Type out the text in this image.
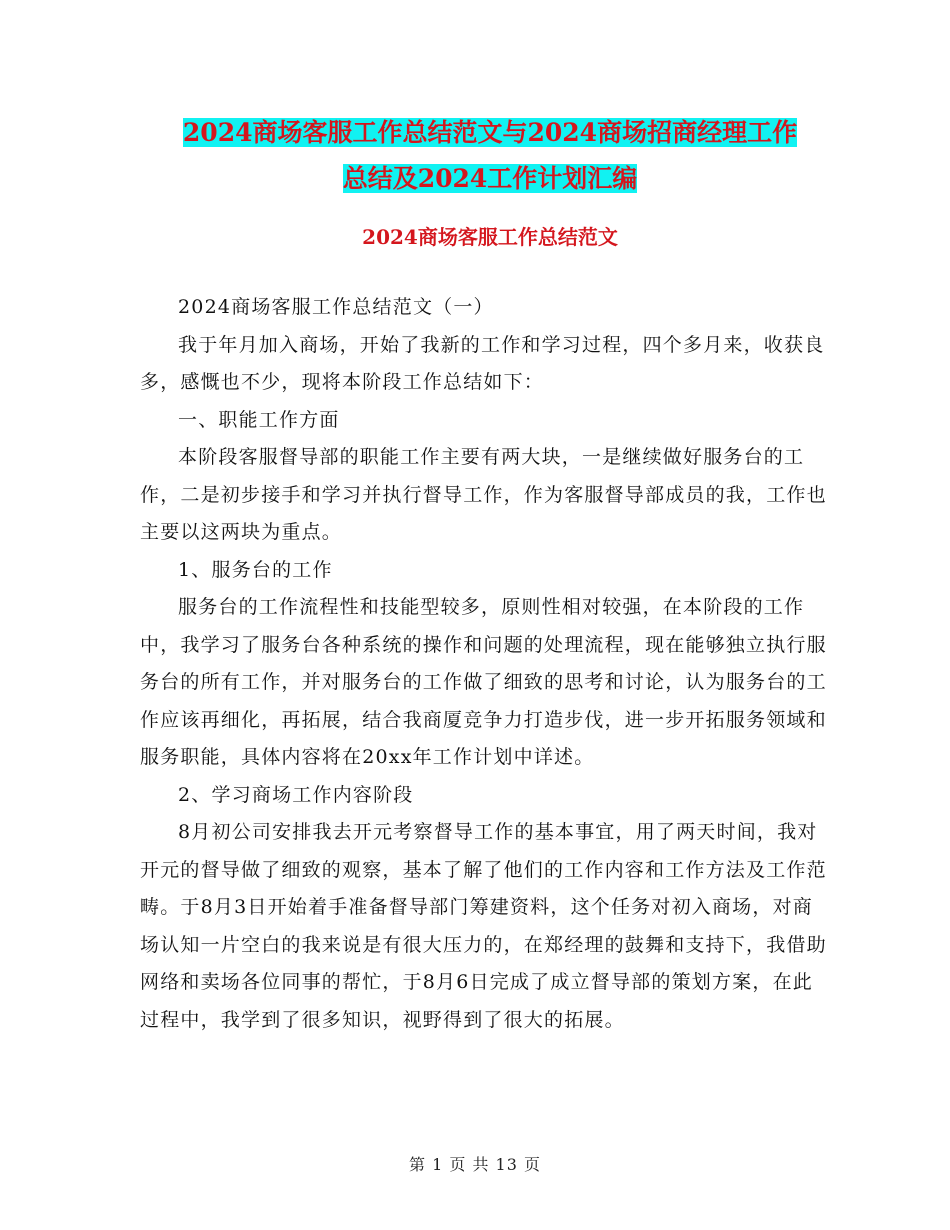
2024商场客服工作总结范文与2024商场招商经理工作
总结及2024工作计划汇编
2024商场客服工作总结范文

2024商场客服工作总结范文（一）

我于年月加入商场，开始了我新的工作和学习过程，四个多月来，收获良多，感慨也不少，现将本阶段工作总结如下：

一、职能工作方面

本阶段客服督导部的职能工作主要有两大块，一是继续做好服务台的工作，二是初步接手和学习并执行督导工作，作为客服督导部成员的我，工作也主要以这两块为重点。

1、服务台的工作

服务台的工作流程性和技能型较多，原则性相对较强，在本阶段的工作中，我学习了服务台各种系统的操作和问题的处理流程，现在能够独立执行服务台的所有工作，并对服务台的工作做了细致的思考和讨论，认为服务台的工作应该再细化，再拓展，结合我商厦竞争力打造步伐，进一步开拓服务领域和服务职能，具体内容将在20xx年工作计划中详述。

2、学习商场工作内容阶段

8月初公司安排我去开元考察督导工作的基本事宜，用了两天时间，我对开元的督导做了细致的观察，基本了解了他们的工作内容和工作方法及工作范畴。于8月3日开始着手准备督导部门筹建资料，这个任务对初入商场，对商场认知一片空白的我来说是有很大压力的，在郑经理的鼓舞和支持下，我借助网络和卖场各位同事的帮忙，于8月6日完成了成立督导部的策划方案，在此过程中，我学到了很多知识，视野得到了很大的拓展。

第 1 页 共 13 页
